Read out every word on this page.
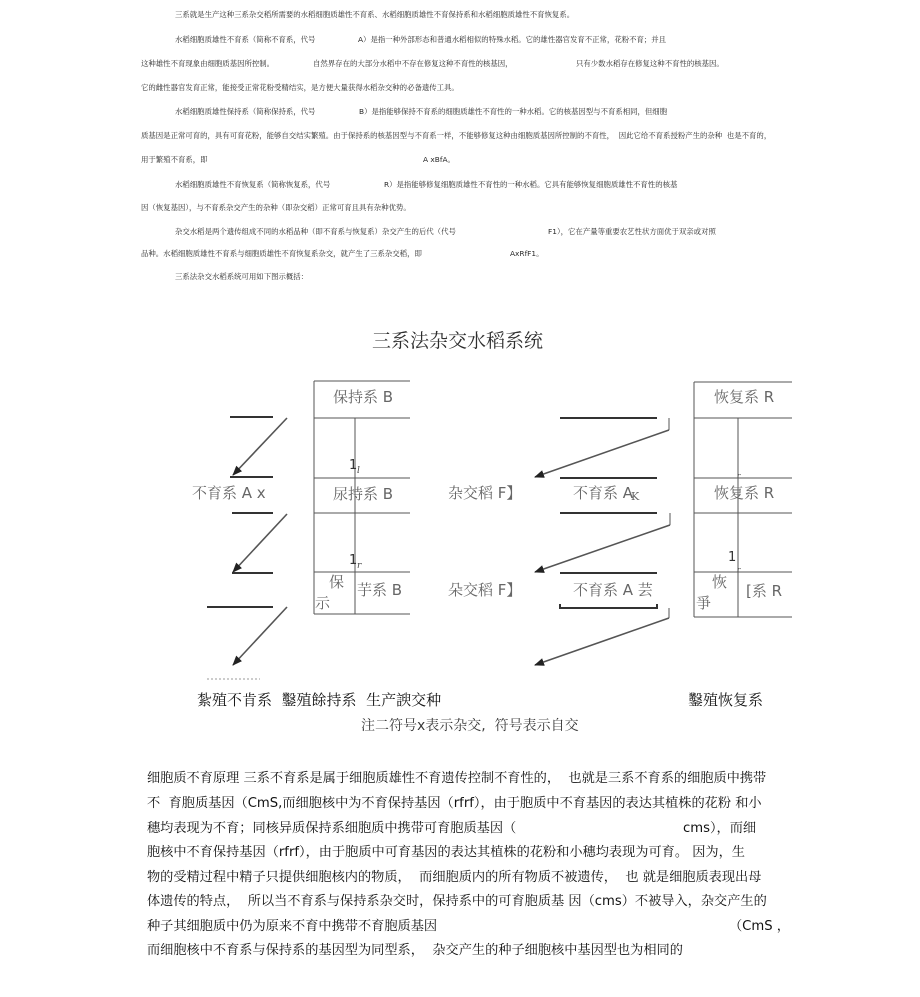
三系就是生产这种三系杂交稻所需要的水稻细胞质雄性不育系、水稻细胞质雄性不育保持系和水稻细胞质雄性不育恢复系。
水稻细胞质雄性不育系（简称不育系，代号	A）是指一种外部形态和普通水稻相似的特殊水稻。它的雄性器官发育不正常，花粉不育；并且
这种雄性不育现象由细胞质基因所控制。	自然界存在的大部分水稻中不存在修复这种不育性的核基因，	只有少数水稻存在修复这种不育性的核基因。
它的雌性器官发育正常，能接受正常花粉受精结实，是方便大量获得水稻杂交种的必备遗传工具。
水稻细胞质雄性保持系（简称保持系，代号	B）是指能够保持不育系的细胞质雄性不育性的一种水稻。它的核基因型与不育系相同，但细胞
质基因是正常可育的，具有可育花粉，能够自交结实繁殖。由于保持系的核基因型与不育系一样，不能够修复这种由细胞质基因所控制的不育性，  因此它给不育系授粉产生的杂种  也是不育的，
用于繁殖不育系，即	A xBfA。
水稻细胞质雄性不育恢复系（简称恢复系，代号	R）是指能够修复细胞质雄性不育性的一种水稻。它具有能够恢复细胞质雄性不育性的核基
因（恢复基因），与不育系杂交产生的杂种（即杂交稻）正常可育且具有杂种优势。
杂交水稻是两个遗传组成不同的水稻品种（即不育系与恢复系）杂交产生的后代（代号	F1），它在产量等重要农艺性状方面优于双亲或对照
品种。水稻细胞质雄性不育系与细胞质雄性不育恢复系杂交，就产生了三系杂交稻，即	AxRfF1。
三系法杂交水稻系统可用如下图示概括：
三系法杂交水稻系统
保持系 B
1 l
尿持系 B
1 r
保
示
芋系 B
恢复系 R
r
恢复系 R
1
r
恢
爭
[系 R
不育系 A x	杂交稻 F】	不育系 A
K
朵交稻 F】	不育系 A 芸
紮殖不肯系  鑿殖餘持系  生产諛交种	鑿殖恢复系
注二符号x表示杂交,  符号表示自交
细胞质不育原理 三系不育系是属于细胞质雄性不育遗传控制不育性的，  也就是三系不育系的细胞质中携带
不  育胞质基因（CmS,而细胞核中为不育保持基因（rfrf），由于胞质中不育基因的表达其植株的花粉 和小
穗均表现为不育；同核异质保持系细胞质中携带可育胞质基因（	cms），而细
胞核中不育保持基因（rfrf），由于胞质中可育基因的表达其植株的花粉和小穗均表现为可育。 因为，生
物的受精过程中精子只提供细胞核内的物质，  而细胞质内的所有物质不被遗传，  也 就是细胞质表现出母
体遗传的特点，  所以当不育系与保持系杂交时，保持系中的可育胞质基 因（cms）不被导入，杂交产生的
种子其细胞质中仍为原来不育中携带不育胞质基因	（CmS ，
而细胞核中不育系与保持系的基因型为同型系，  杂交产生的种子细胞核中基因型也为相同的
